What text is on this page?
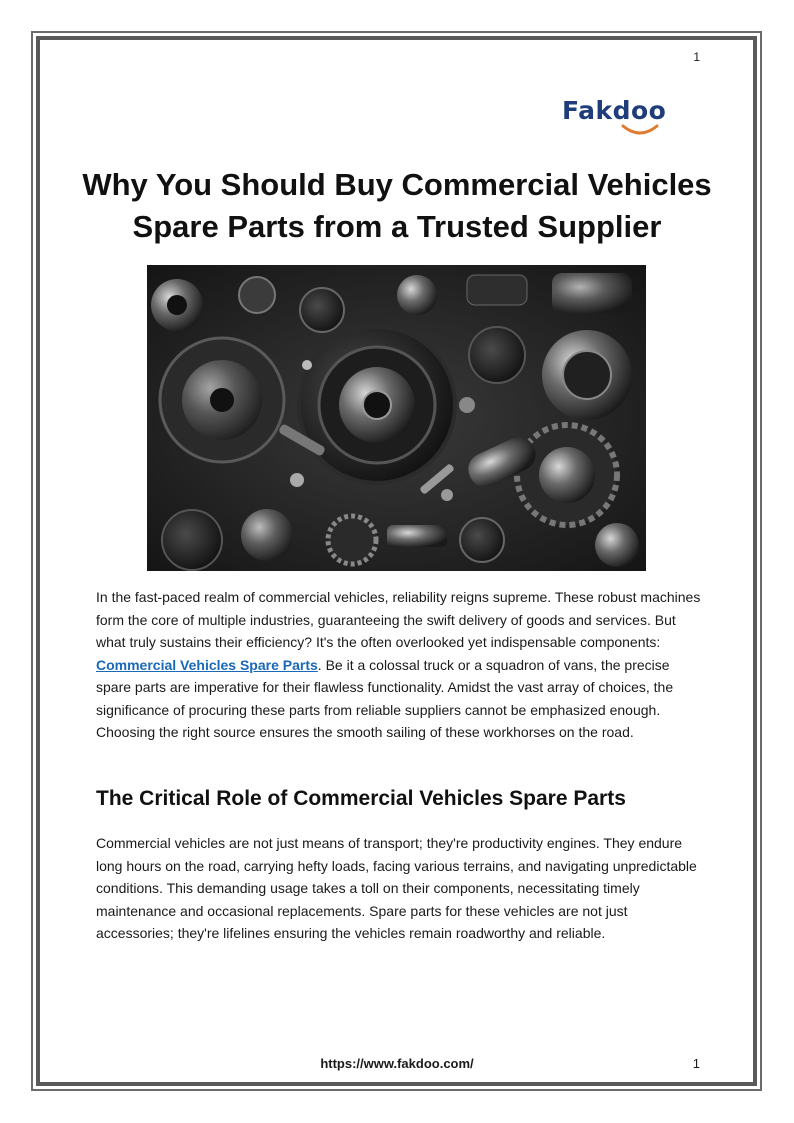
1
Fakdoo
Why You Should Buy Commercial Vehicles Spare Parts from a Trusted Supplier

In the fast-paced realm of commercial vehicles, reliability reigns supreme. These robust machines form the core of multiple industries, guaranteeing the swift delivery of goods and services. But what truly sustains their efficiency? It's the often overlooked yet indispensable components: Commercial Vehicles Spare Parts. Be it a colossal truck or a squadron of vans, the precise spare parts are imperative for their flawless functionality. Amidst the vast array of choices, the significance of procuring these parts from reliable suppliers cannot be emphasized enough. Choosing the right source ensures the smooth sailing of these workhorses on the road.

The Critical Role of Commercial Vehicles Spare Parts

Commercial vehicles are not just means of transport; they're productivity engines. They endure long hours on the road, carrying hefty loads, facing various terrains, and navigating unpredictable conditions. This demanding usage takes a toll on their components, necessitating timely maintenance and occasional replacements. Spare parts for these vehicles are not just accessories; they're lifelines ensuring the vehicles remain roadworthy and reliable.

https://www.fakdoo.com/	1
